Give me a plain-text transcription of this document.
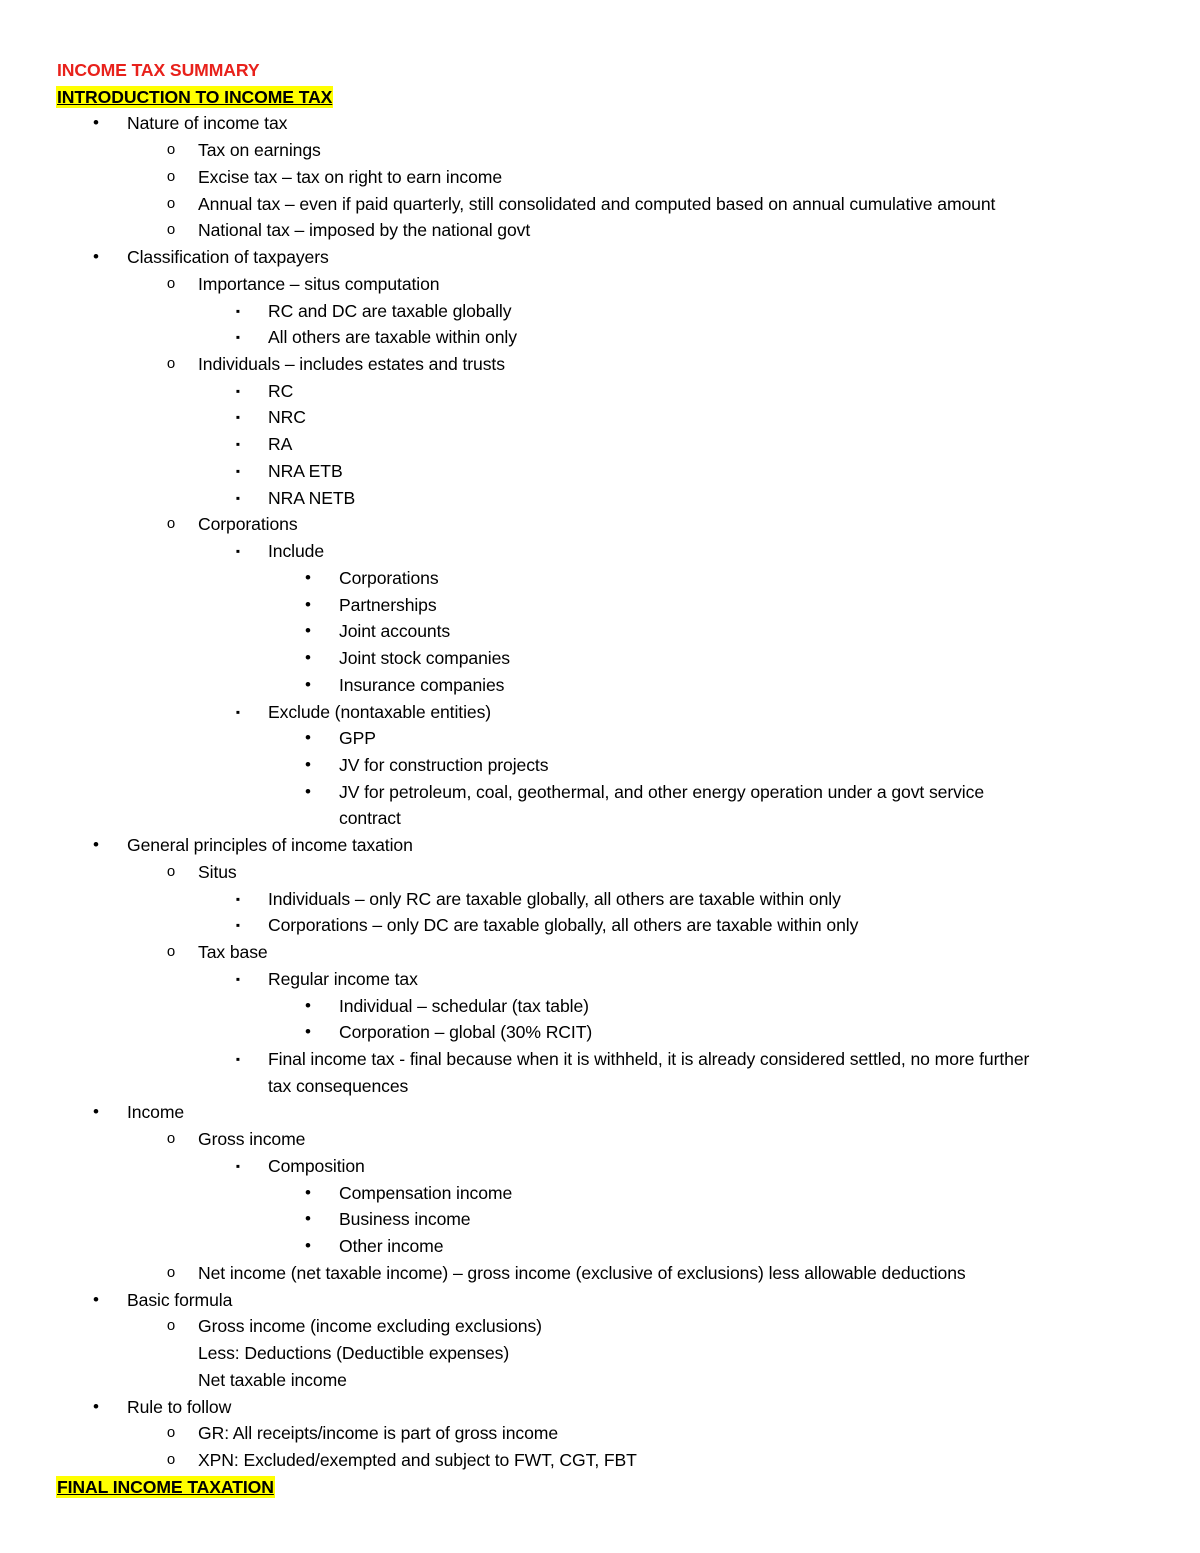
INCOME TAX SUMMARY
INTRODUCTION TO INCOME TAX
•	Nature of income tax
o	Tax on earnings
o	Excise tax – tax on right to earn income
o	Annual tax – even if paid quarterly, still consolidated and computed based on annual cumulative amount
o	National tax – imposed by the national govt
•	Classification of taxpayers
o	Importance – situs computation
▪	RC and DC are taxable globally
▪	All others are taxable within only
o	Individuals – includes estates and trusts
▪	RC
▪	NRC
▪	RA
▪	NRA ETB
▪	NRA NETB
o	Corporations
▪	Include
•	Corporations
•	Partnerships
•	Joint accounts
•	Joint stock companies
•	Insurance companies
▪	Exclude (nontaxable entities)
•	GPP
•	JV for construction projects
•	JV for petroleum, coal, geothermal, and other energy operation under a govt service
contract
•	General principles of income taxation
o	Situs
▪	Individuals – only RC are taxable globally, all others are taxable within only
▪	Corporations – only DC are taxable globally, all others are taxable within only
o	Tax base
▪	Regular income tax
•	Individual – schedular (tax table)
•	Corporation – global (30% RCIT)
▪	Final income tax - final because when it is withheld, it is already considered settled, no more further
tax consequences
•	Income
o	Gross income
▪	Composition
•	Compensation income
•	Business income
•	Other income
o	Net income (net taxable income) – gross income (exclusive of exclusions) less allowable deductions
•	Basic formula
o	Gross income (income excluding exclusions)
Less: Deductions (Deductible expenses)
Net taxable income
•	Rule to follow
o	GR: All receipts/income is part of gross income
o	XPN: Excluded/exempted and subject to FWT, CGT, FBT
FINAL INCOME TAXATION
